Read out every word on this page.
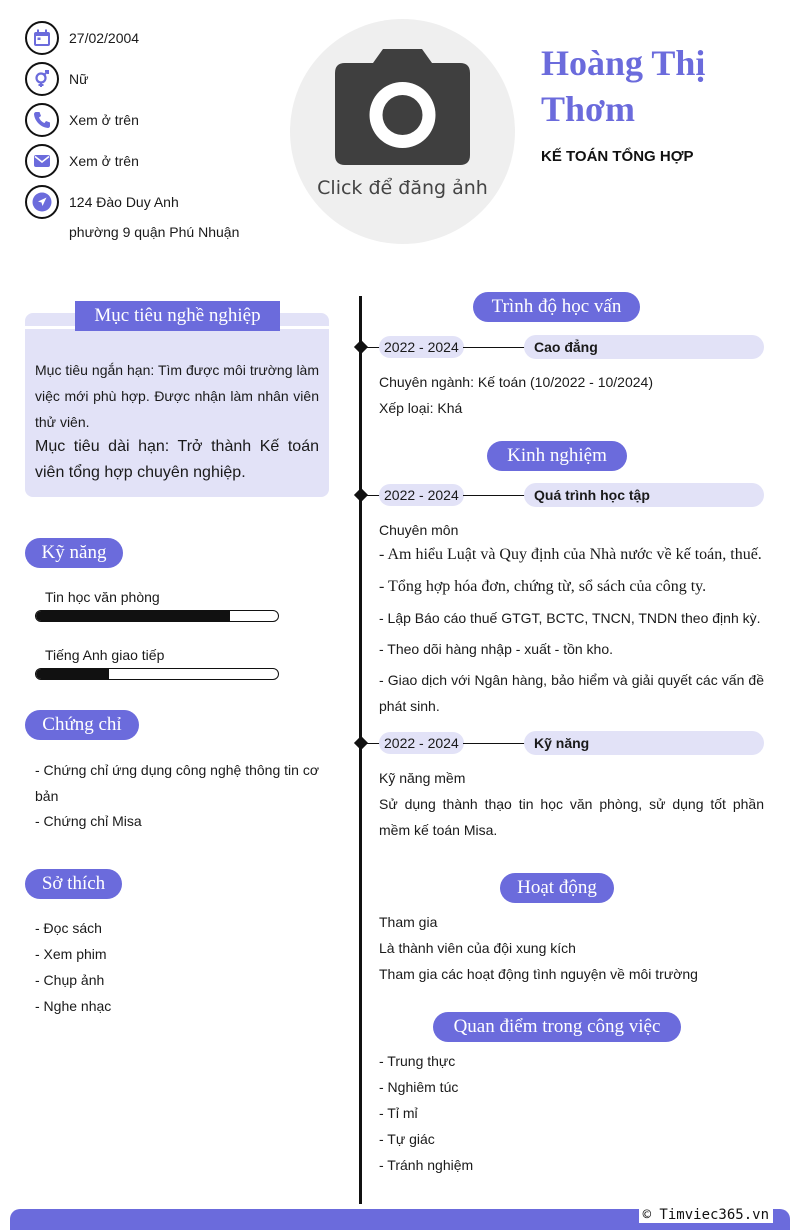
27/02/2004
Nữ
Xem ở trên
Xem ở trên
124 Đào Duy Anh
phường 9 quận Phú Nhuận
Click để đăng ảnh
Hoàng Thị Thơm
KẾ TOÁN TỔNG HỢP
Mục tiêu nghề nghiệp
Mục tiêu ngắn hạn: Tìm được môi trường làm việc mới phù hợp. Được nhận làm nhân viên thử viên.
Mục tiêu dài hạn: Trở thành Kế toán viên tổng hợp chuyên nghiệp.
Kỹ năng
Tin học văn phòng
Tiếng Anh giao tiếp
Chứng chỉ
- Chứng chỉ ứng dụng công nghệ thông tin cơ bản
- Chứng chỉ Misa
Sở thích
- Đọc sách
- Xem phim
- Chụp ảnh
- Nghe nhạc
Trình độ học vấn
2022 - 2024	Cao đẳng
Chuyên ngành: Kế toán (10/2022 - 10/2024)
Xếp loại: Khá
Kinh nghiệm
2022 - 2024	Quá trình học tập
Chuyên môn
- Am hiểu Luật và Quy định của Nhà nước về kế toán, thuế.
- Tổng hợp hóa đơn, chứng từ, sổ sách của công ty.
- Lập Báo cáo thuế GTGT, BCTC, TNCN, TNDN theo định kỳ.
- Theo dõi hàng nhập - xuất - tồn kho.
- Giao dịch với Ngân hàng, bảo hiểm và giải quyết các vấn đề phát sinh.
2022 - 2024	Kỹ năng
Kỹ năng mềm
Sử dụng thành thạo tin học văn phòng, sử dụng tốt phần mềm kế toán Misa.
Hoạt động
Tham gia
Là thành viên của đội xung kích
Tham gia các hoạt động tình nguyện về môi trường
Quan điểm trong công việc
- Trung thực
- Nghiêm túc
- Tỉ mỉ
- Tự giác
- Tránh nghiệm
© Timviec365.vn
